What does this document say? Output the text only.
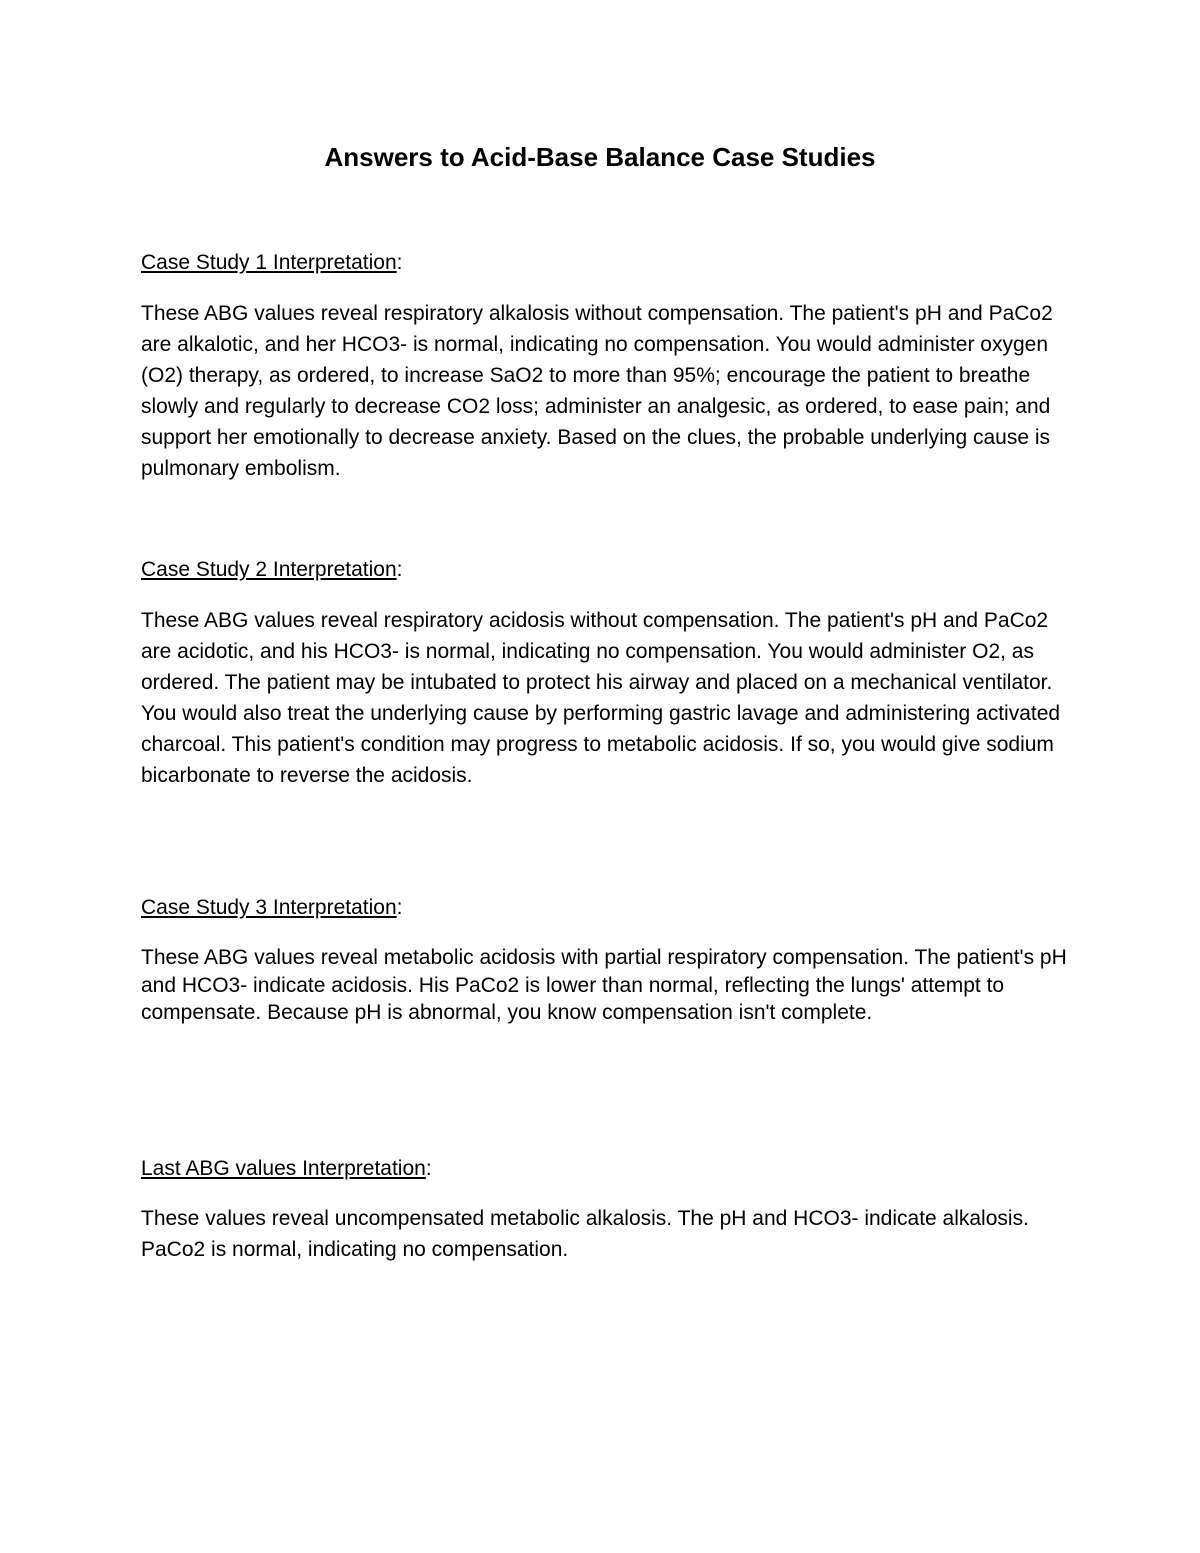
Answers to Acid-Base Balance Case Studies

Case Study 1 Interpretation:

These ABG values reveal respiratory alkalosis without compensation. The patient's pH and PaCo2 are alkalotic, and her HCO3- is normal, indicating no compensation. You would administer oxygen (O2) therapy, as ordered, to increase SaO2 to more than 95%; encourage the patient to breathe slowly and regularly to decrease CO2 loss; administer an analgesic, as ordered, to ease pain; and support her emotionally to decrease anxiety. Based on the clues, the probable underlying cause is pulmonary embolism.

Case Study 2 Interpretation:

These ABG values reveal respiratory acidosis without compensation. The patient's pH and PaCo2 are acidotic, and his HCO3- is normal, indicating no compensation. You would administer O2, as ordered. The patient may be intubated to protect his airway and placed on a mechanical ventilator. You would also treat the underlying cause by performing gastric lavage and administering activated charcoal. This patient's condition may progress to metabolic acidosis. If so, you would give sodium bicarbonate to reverse the acidosis.

Case Study 3 Interpretation:

These ABG values reveal metabolic acidosis with partial respiratory compensation. The patient's pH and HCO3- indicate acidosis. His PaCo2 is lower than normal, reflecting the lungs' attempt to compensate. Because pH is abnormal, you know compensation isn't complete.

Last ABG values Interpretation:

These values reveal uncompensated metabolic alkalosis. The pH and HCO3- indicate alkalosis. PaCo2 is normal, indicating no compensation.
